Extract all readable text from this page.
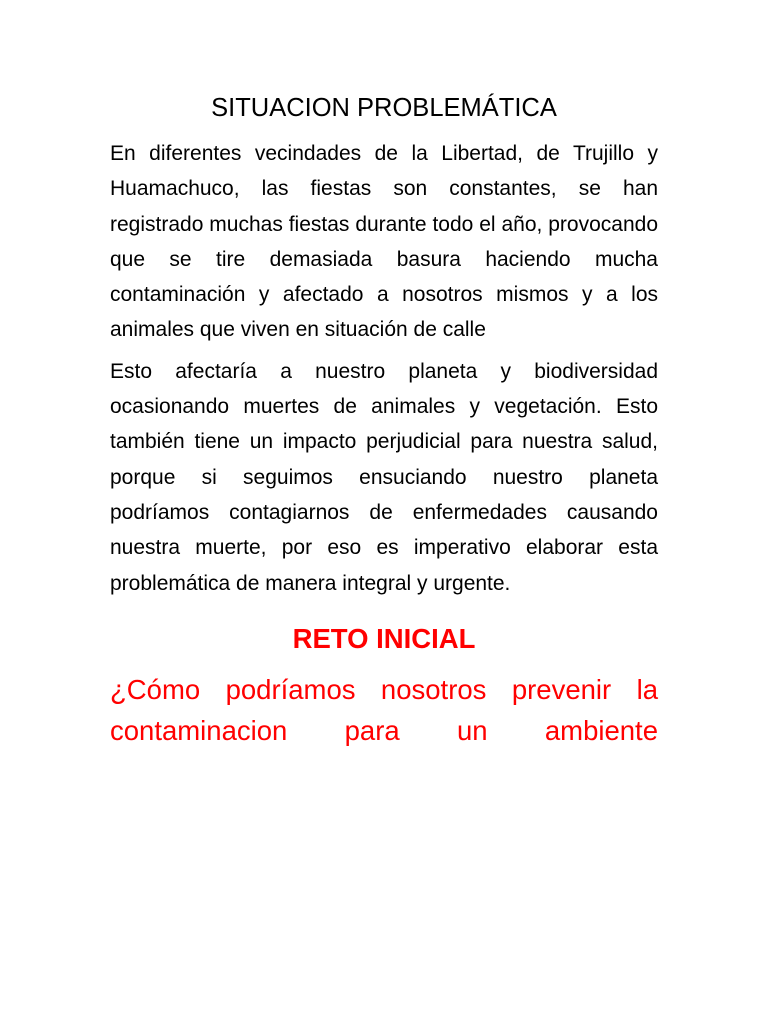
SITUACION PROBLEMÁTICA

En diferentes vecindades de la Libertad, de Trujillo y Huamachuco, las fiestas son constantes, se han registrado muchas fiestas durante todo el año, provocando que se tire demasiada basura haciendo mucha contaminación y afectado a nosotros mismos y a los animales que viven en situación de calle

Esto afectaría a nuestro planeta y biodiversidad ocasionando muertes de animales y vegetación. Esto también tiene un impacto perjudicial para nuestra salud, porque si seguimos ensuciando nuestro planeta podríamos contagiarnos de enfermedades causando nuestra muerte, por eso es imperativo elaborar esta problemática de manera integral y urgente.

RETO INICIAL

¿Cómo podríamos nosotros prevenir la contaminacion para un ambiente
